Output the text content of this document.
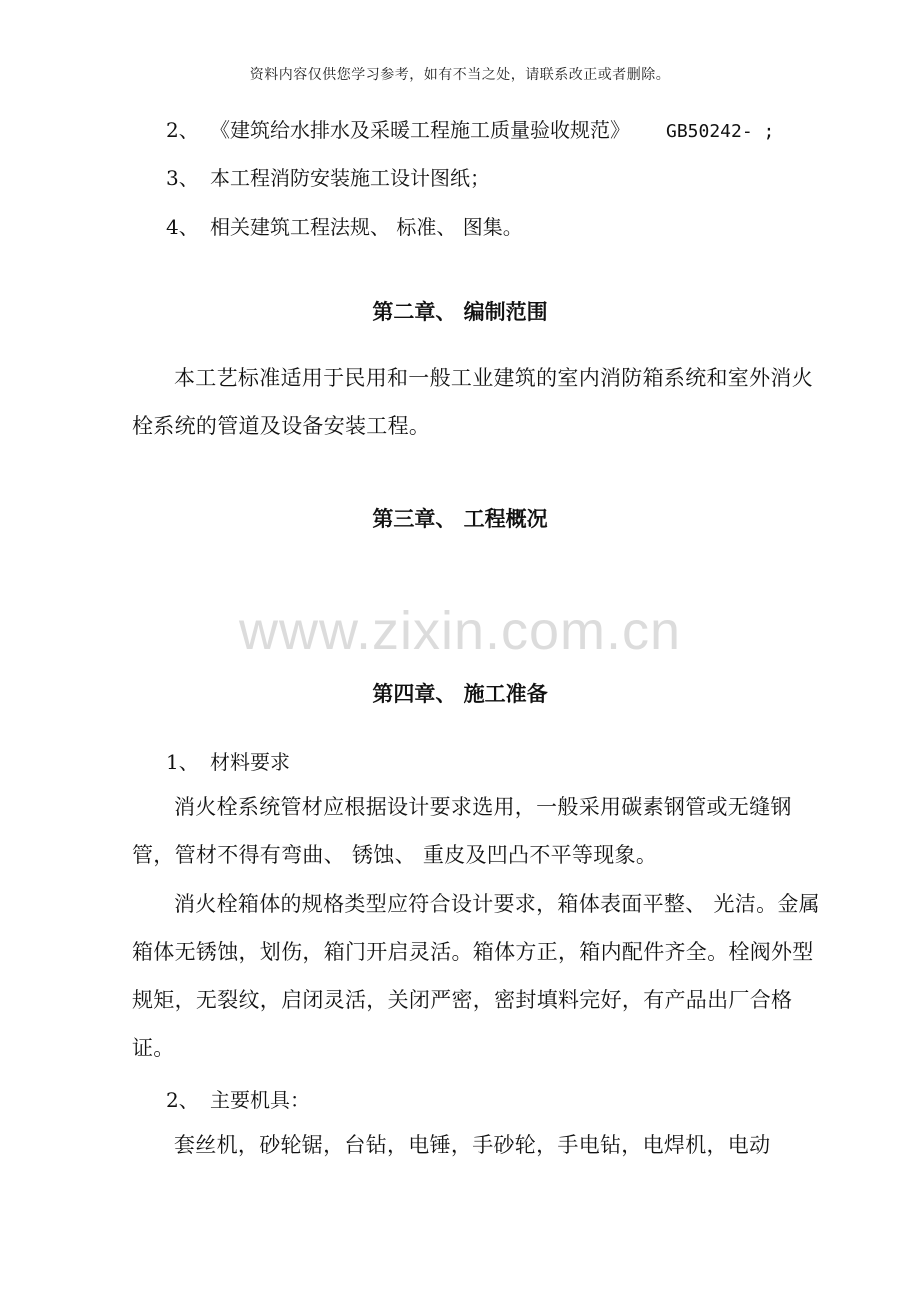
资料内容仅供您学习参考，如有不当之处，请联系改正或者删除。
2、 《建筑给水排水及采暖工程施工质量验收规范》 GB50242- ;
3、 本工程消防安装施工设计图纸；
4、 相关建筑工程法规、 标准、 图集。
第二章、 编制范围
本工艺标准适用于民用和一般工业建筑的室内消防箱系统和室外消火栓系统的管道及设备安装工程。
第三章、 工程概况
www.zixin.com.cn
第四章、 施工准备
1、 材料要求
消火栓系统管材应根据设计要求选用，一般采用碳素钢管或无缝钢管，管材不得有弯曲、 锈蚀、 重皮及凹凸不平等现象。
消火栓箱体的规格类型应符合设计要求，箱体表面平整、 光洁。金属箱体无锈蚀，划伤，箱门开启灵活。箱体方正，箱内配件齐全。栓阀外型规矩，无裂纹，启闭灵活，关闭严密，密封填料完好，有产品出厂合格证。
2、 主要机具：
套丝机，砂轮锯，台钻，电锤，手砂轮，手电钻，电焊机，电动
